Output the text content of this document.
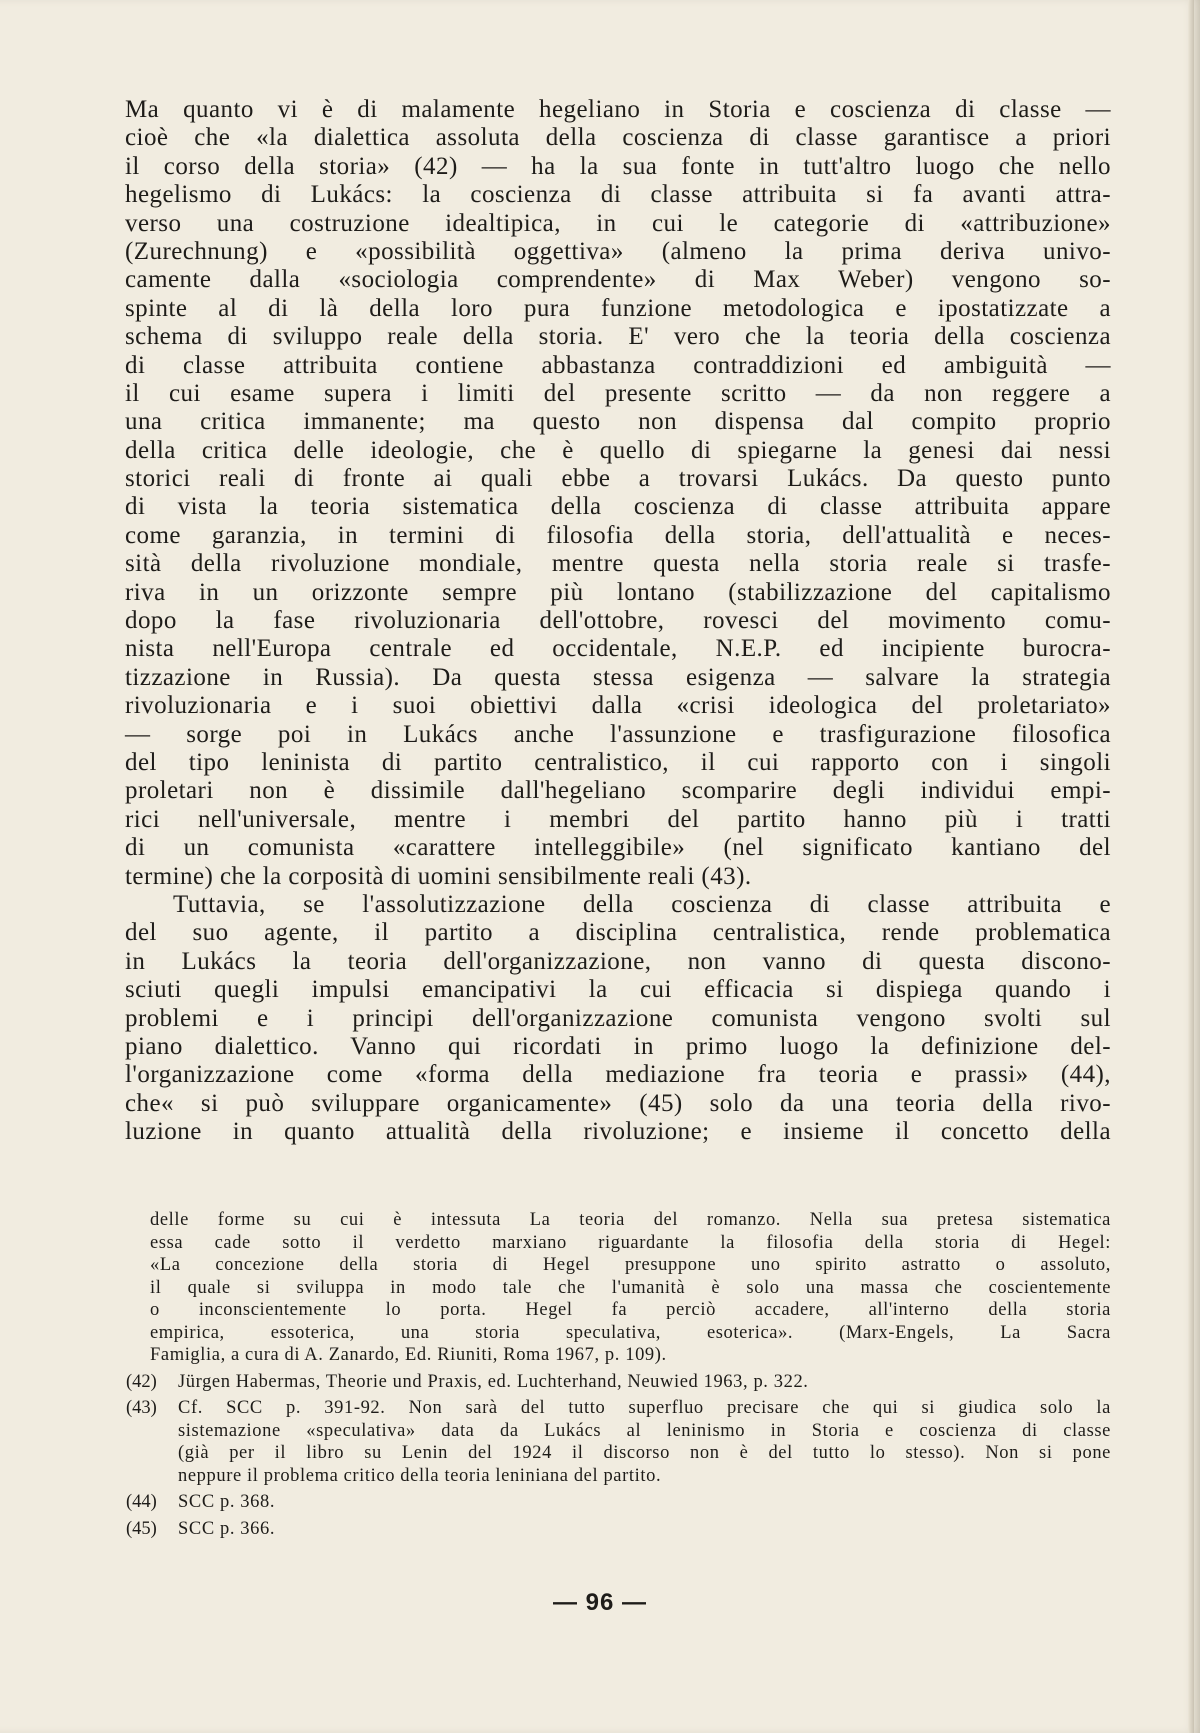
Ma quanto vi è di malamente hegeliano in Storia e coscienza di classe —
cioè che «la dialettica assoluta della coscienza di classe garantisce a priori
il corso della storia» (42) — ha la sua fonte in tutt'altro luogo che nello
hegelismo di Lukács: la coscienza di classe attribuita si fa avanti attra-
verso una costruzione idealtipica, in cui le categorie di «attribuzione»
(Zurechnung) e «possibilità oggettiva» (almeno la prima deriva univo-
camente dalla «sociologia comprendente» di Max Weber) vengono so-
spinte al di là della loro pura funzione metodologica e ipostatizzate a
schema di sviluppo reale della storia. E' vero che la teoria della coscienza
di classe attribuita contiene abbastanza contraddizioni ed ambiguità —
il cui esame supera i limiti del presente scritto — da non reggere a
una critica immanente; ma questo non dispensa dal compito proprio
della critica delle ideologie, che è quello di spiegarne la genesi dai nessi
storici reali di fronte ai quali ebbe a trovarsi Lukács. Da questo punto
di vista la teoria sistematica della coscienza di classe attribuita appare
come garanzia, in termini di filosofia della storia, dell'attualità e neces-
sità della rivoluzione mondiale, mentre questa nella storia reale si trasfe-
riva in un orizzonte sempre più lontano (stabilizzazione del capitalismo
dopo la fase rivoluzionaria dell'ottobre, rovesci del movimento comu-
nista nell'Europa centrale ed occidentale, N.E.P. ed incipiente burocra-
tizzazione in Russia). Da questa stessa esigenza — salvare la strategia
rivoluzionaria e i suoi obiettivi dalla «crisi ideologica del proletariato»
— sorge poi in Lukács anche l'assunzione e trasfigurazione filosofica
del tipo leninista di partito centralistico, il cui rapporto con i singoli
proletari non è dissimile dall'hegeliano scomparire degli individui empi-
rici nell'universale, mentre i membri del partito hanno più i tratti
di un comunista «carattere intelleggibile» (nel significato kantiano del
termine) che la corposità di uomini sensibilmente reali (43).
Tuttavia, se l'assolutizzazione della coscienza di classe attribuita e
del suo agente, il partito a disciplina centralistica, rende problematica
in Lukács la teoria dell'organizzazione, non vanno di questa discono-
sciuti quegli impulsi emancipativi la cui efficacia si dispiega quando i
problemi e i principi dell'organizzazione comunista vengono svolti sul
piano dialettico. Vanno qui ricordati in primo luogo la definizione del-
l'organizzazione come «forma della mediazione fra teoria e prassi» (44),
che« si può sviluppare organicamente» (45) solo da una teoria della rivo-
luzione in quanto attualità della rivoluzione; e insieme il concetto della
delle forme su cui è intessuta La teoria del romanzo. Nella sua pretesa sistematica
essa cade sotto il verdetto marxiano riguardante la filosofia della storia di Hegel:
«La concezione della storia di Hegel presuppone uno spirito astratto o assoluto,
il quale si sviluppa in modo tale che l'umanità è solo una massa che coscientemente
o inconscientemente lo porta. Hegel fa perciò accadere, all'interno della storia
empirica, essoterica, una storia speculativa, esoterica». (Marx-Engels, La Sacra
Famiglia, a cura di A. Zanardo, Ed. Riuniti, Roma 1967, p. 109).
(42) Jürgen Habermas, Theorie und Praxis, ed. Luchterhand, Neuwied 1963, p. 322.
(43) Cf. SCC p. 391-92. Non sarà del tutto superfluo precisare che qui si giudica solo la
sistemazione «speculativa» data da Lukács al leninismo in Storia e coscienza di classe
(già per il libro su Lenin del 1924 il discorso non è del tutto lo stesso). Non si pone
neppure il problema critico della teoria leniniana del partito.
(44) SCC p. 368.
(45) SCC p. 366.
— 96 —
